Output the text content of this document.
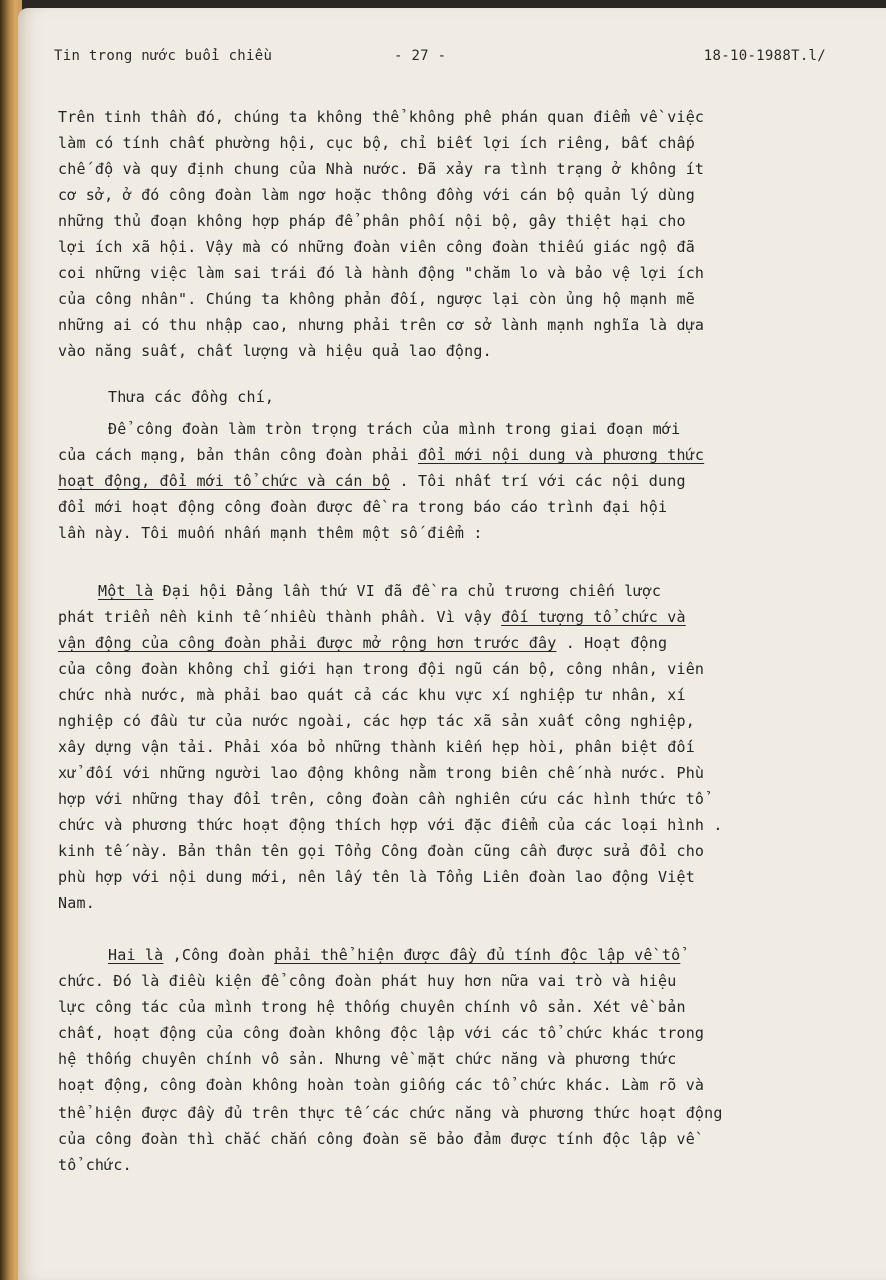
Tin trong nước buổi chiều	- 27 -	18-10-1988T.l/
Trên tinh thần đó, chúng ta không thể không phê phán quan điểm về việc
làm có tính chất phường hội, cục bộ, chỉ biết lợi ích riêng, bất chấp
chế độ và quy định chung của Nhà nước. Đã xảy ra tình trạng ở không ít
cơ sở, ở đó công đoàn làm ngơ hoặc thông đồng với cán bộ quản lý dùng
những thủ đoạn không hợp pháp để phân phối nội bộ, gây thiệt hại cho
lợi ích xã hội. Vậy mà có những đoàn viên công đoàn thiếu giác ngộ đã
coi những việc làm sai trái đó là hành động "chăm lo và bảo vệ lợi ích
của công nhân". Chúng ta không phản đối, ngược lại còn ủng hộ mạnh mẽ
những ai có thu nhập cao, nhưng phải trên cơ sở lành mạnh nghĩa là dựa
vào năng suất, chất lượng và hiệu quả lao động.
Thưa các đồng chí,
Để công đoàn làm tròn trọng trách của mình trong giai đoạn mới
của cách mạng, bản thân công đoàn phải đổi mới nội dung và phương thức
hoạt động, đổi mới tổ chức và cán bộ . Tôi nhất trí với các nội dung
đổi mới hoạt động công đoàn được đề ra trong báo cáo trình đại hội
lần này. Tôi muốn nhấn mạnh thêm một số điểm :
Một là Đại hội Đảng lần thứ VI đã đề ra chủ trương chiến lược
phát triển nền kinh tế nhiều thành phần. Vì vậy đối tượng tổ chức và
vận động của công đoàn phải được mở rộng hơn trước đây . Hoạt động
của công đoàn không chỉ giới hạn trong đội ngũ cán bộ, công nhân, viên
chức nhà nước, mà phải bao quát cả các khu vực xí nghiệp tư nhân, xí
nghiệp có đầu tư của nước ngoài, các hợp tác xã sản xuất công nghiệp,
xây dựng vận tải. Phải xóa bỏ những thành kiến hẹp hòi, phân biệt đối
xử đối với những người lao động không nằm trong biên chế nhà nước. Phù
hợp với những thay đổi trên, công đoàn cần nghiên cứu các hình thức tổ
chức và phương thức hoạt động thích hợp với đặc điểm của các loại hình .
kinh tế này. Bản thân tên gọi Tổng Công đoàn cũng cần được sửa đổi cho
phù hợp với nội dung mới, nên lấy tên là Tổng Liên đoàn lao động Việt
Nam.
Hai là ,Công đoàn phải thể hiện được đầy đủ tính độc lập về tổ
chức. Đó là điều kiện để công đoàn phát huy hơn nữa vai trò và hiệu
lực công tác của mình trong hệ thống chuyên chính vô sản. Xét về bản
chất, hoạt động của công đoàn không độc lập với các tổ chức khác trong
hệ thống chuyên chính vô sản. Nhưng về mặt chức năng và phương thức
hoạt động, công đoàn không hoàn toàn giống các tổ chức khác. Làm rõ và
thể hiện được đầy đủ trên thực tế các chức năng và phương thức hoạt động
của công đoàn thì chắc chắn công đoàn sẽ bảo đảm được tính độc lập về
tổ chức.
